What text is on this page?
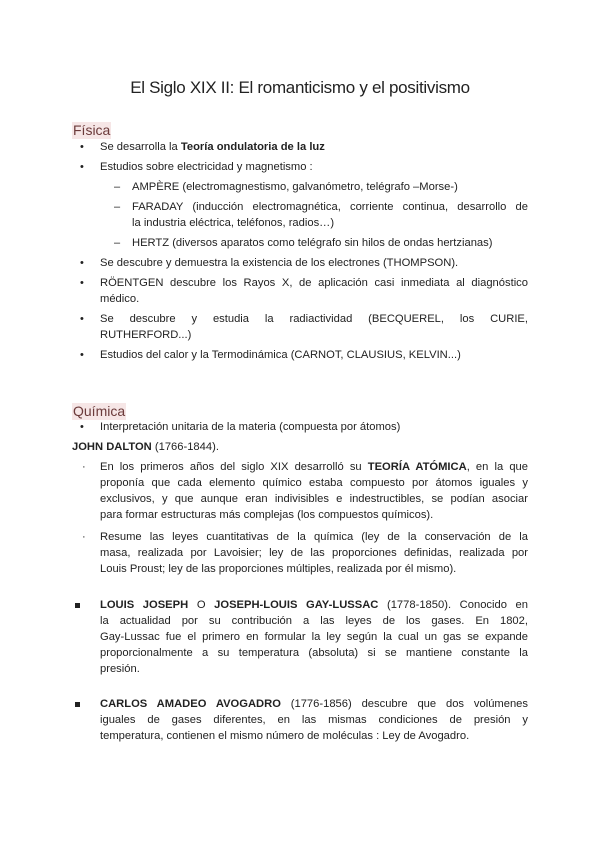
El Siglo XIX II: El romanticismo y el positivismo
Física
• Se desarrolla la Teoría ondulatoria de la luz
• Estudios sobre electricidad y magnetismo :
– AMPÈRE (electromagnestismo, galvanómetro, telégrafo –Morse-)
– FARADAY (inducción electromagnética, corriente continua, desarrollo de
la industria eléctrica, teléfonos, radios…)
– HERTZ (diversos aparatos como telégrafo sin hilos de ondas hertzianas)
• Se descubre y demuestra la existencia de los electrones (THOMPSON).
• RÖENTGEN descubre los Rayos X, de aplicación casi inmediata al diagnóstico
médico.
• Se descubre y estudia la radiactividad (BECQUEREL, los CURIE,
RUTHERFORD...)
• Estudios del calor y la Termodinámica (CARNOT, CLAUSIUS, KELVIN...)
Química
• Interpretación unitaria de la materia (compuesta por átomos)
JOHN DALTON (1766-1844).
· En los primeros años del siglo XIX desarrolló su TEORÍA ATÓMICA, en la que
proponía que cada elemento químico estaba compuesto por átomos iguales y
exclusivos, y que aunque eran indivisibles e indestructibles, se podían asociar
para formar estructuras más complejas (los compuestos químicos).
· Resume las leyes cuantitativas de la química (ley de la conservación de la
masa, realizada por Lavoisier; ley de las proporciones definidas, realizada por
Louis Proust; ley de las proporciones múltiples, realizada por él mismo).
LOUIS JOSEPH O JOSEPH-LOUIS GAY-LUSSAC (1778-1850). Conocido en
la actualidad por su contribución a las leyes de los gases. En 1802,
Gay-Lussac fue el primero en formular la ley según la cual un gas se expande
proporcionalmente a su temperatura (absoluta) si se mantiene constante la
presión.
CARLOS AMADEO AVOGADRO (1776-1856) descubre que dos volúmenes
iguales de gases diferentes, en las mismas condiciones de presión y
temperatura, contienen el mismo número de moléculas : Ley de Avogadro.
